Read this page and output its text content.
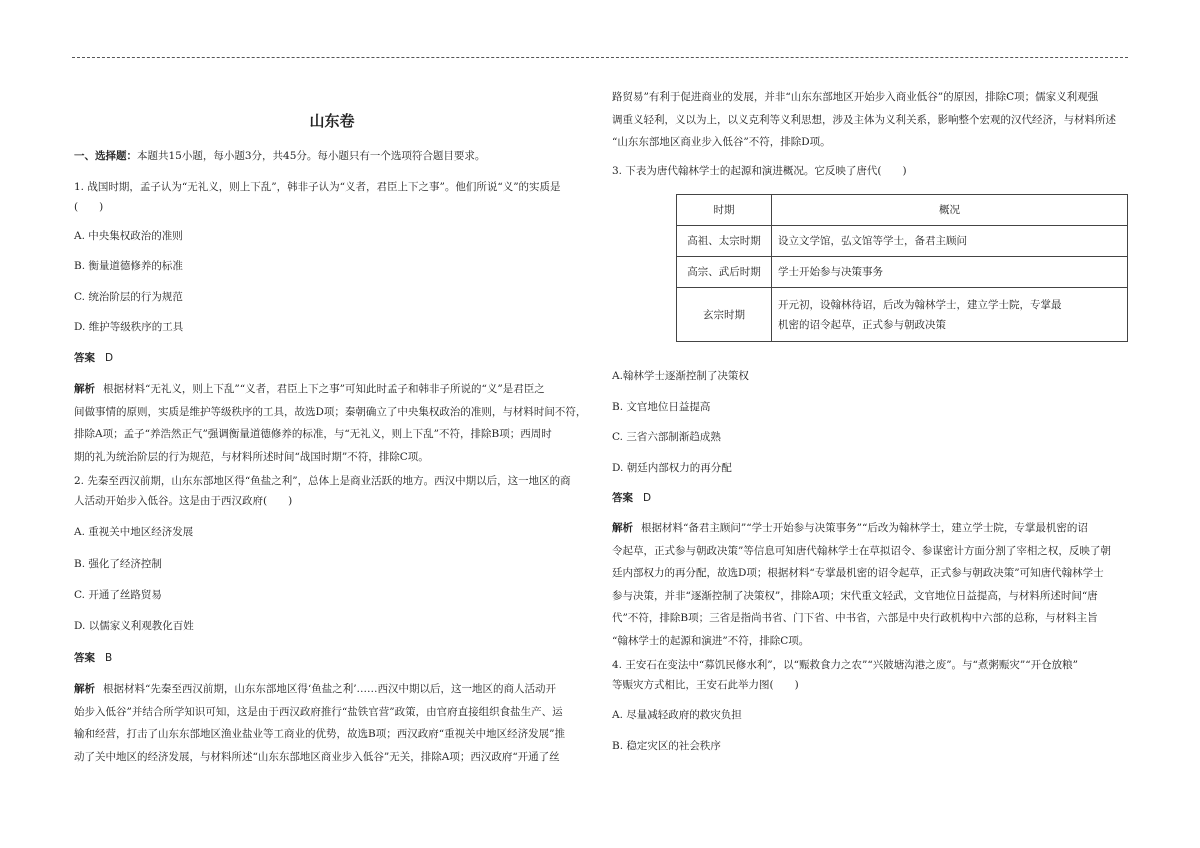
山东卷
一、选择题：本题共15小题，每小题3分，共45分。每小题只有一个选项符合题目要求。

1. 战国时期，孟子认为“无礼义，则上下乱”，韩非子认为“义者，君臣上下之事”。他们所说“义”的实质是

(　　)

A. 中央集权政治的准则

B. 衡量道德修养的标准

C. 统治阶层的行为规范

D. 维护等级秩序的工具

答案 D

解析 根据材料“无礼义，则上下乱”“义者，君臣上下之事”可知此时孟子和韩非子所说的“义”是君臣之
间做事情的原则，实质是维护等级秩序的工具，故选D项；秦朝确立了中央集权政治的准则，与材料时间不符，
排除A项；孟子“养浩然正气”强调衡量道德修养的标准，与“无礼义，则上下乱”不符，排除B项；西周时
期的礼为统治阶层的行为规范，与材料所述时间“战国时期”不符，排除C项。

2. 先秦至西汉前期，山东东部地区得“鱼盐之利”，总体上是商业活跃的地方。西汉中期以后，这一地区的商

人活动开始步入低谷。这是由于西汉政府(　　)

A. 重视关中地区经济发展

B. 强化了经济控制

C. 开通了丝路贸易

D. 以儒家义利观教化百姓

答案 B

解析 根据材料“先秦至西汉前期，山东东部地区得‘鱼盐之利’……西汉中期以后，这一地区的商人活动开
始步入低谷”并结合所学知识可知，这是由于西汉政府推行“盐铁官营”政策，由官府直接组织食盐生产、运
输和经营，打击了山东东部地区渔业盐业等工商业的优势，故选B项；西汉政府“重视关中地区经济发展”推
动了关中地区的经济发展，与材料所述“山东东部地区商业步入低谷”无关，排除A项；西汉政府“开通了丝
路贸易”有利于促进商业的发展，并非“山东东部地区开始步入商业低谷”的原因，排除C项；儒家义利观强
调重义轻利，义以为上，以义克利等义利思想，涉及主体为义利关系，影响整个宏观的汉代经济，与材料所述
“山东东部地区商业步入低谷”不符，排除D项。

3. 下表为唐代翰林学士的起源和演进概况。它反映了唐代(　　)

时期	概况
高祖、太宗时期	设立文学馆，弘文馆等学士，备君主顾问
高宗、武后时期	学士开始参与决策事务
玄宗时期	开元初，设翰林待诏，后改为翰林学士，建立学士院，专掌最
机密的诏令起草，正式参与朝政决策

A.翰林学士逐渐控制了决策权

B. 文官地位日益提高

C. 三省六部制渐趋成熟

D. 朝廷内部权力的再分配

答案 D

解析 根据材料“备君主顾问”“学士开始参与决策事务”“后改为翰林学士，建立学士院，专掌最机密的诏
令起草，正式参与朝政决策”等信息可知唐代翰林学士在草拟诏令、参谋密计方面分割了宰相之权，反映了朝
廷内部权力的再分配，故选D项；根据材料“专掌最机密的诏令起草，正式参与朝政决策”可知唐代翰林学士
参与决策，并非“逐渐控制了决策权”，排除A项；宋代重文轻武，文官地位日益提高，与材料所述时间“唐
代”不符，排除B项；三省是指尚书省、门下省、中书省，六部是中央行政机构中六部的总称，与材料主旨
“翰林学士的起源和演进”不符，排除C项。

4. 王安石在变法中“募饥民修水利”，以“赈救食力之农”“兴陂塘沟港之废”。与“煮粥赈灾”“开仓放粮”

等赈灾方式相比，王安石此举力图(　　)

A. 尽量减轻政府的救灾负担

B. 稳定灾区的社会秩序
